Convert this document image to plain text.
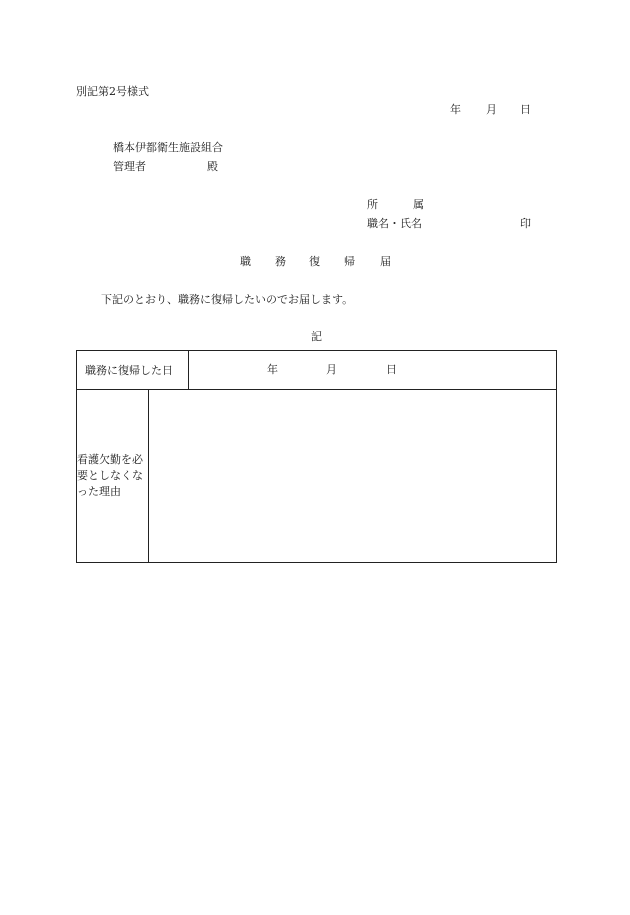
別記第2号様式
年 月 日
橋本伊都衛生施設組合
管理者	殿
所	属
職名・氏名	印
職 務 復 帰 届
下記のとおり、職務に復帰したいのでお届します。
記
職務に復帰した日		年 月 日

看護欠勤を必要としなくなった理由		
